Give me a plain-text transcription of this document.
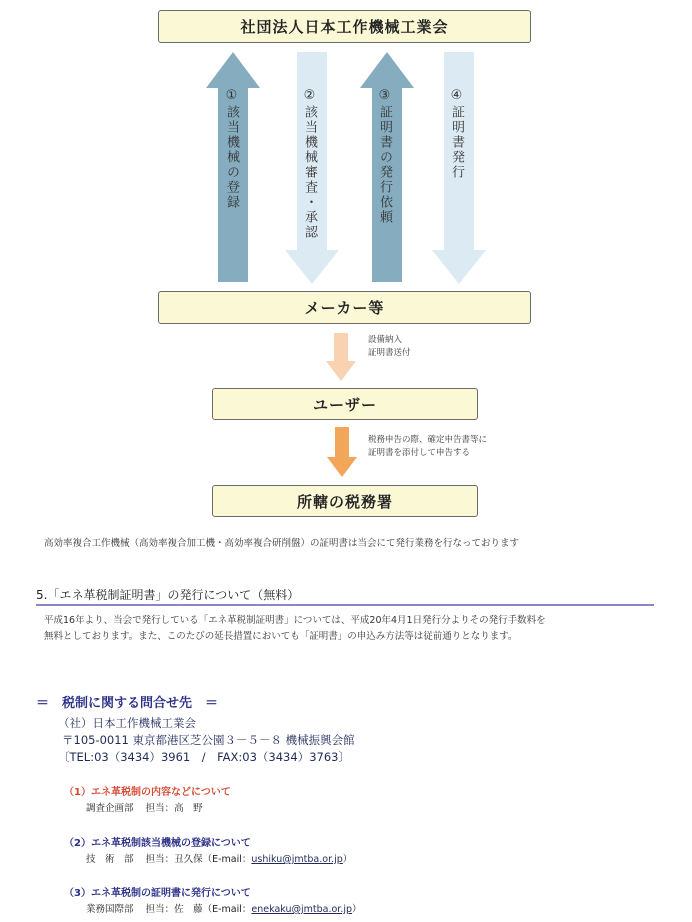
社団法人日本工作機械工業会
①該当機械の登録	②該当機械審査・承認	③証明書の発行依頼	④証明書発行
メーカー等
設備納入
証明書送付
ユーザー
税務申告の際、確定申告書等に
証明書を添付して申告する
所轄の税務署
高効率複合工作機械（高効率複合加工機・高効率複合研削盤）の証明書は当会にて発行業務を行なっております
5.「エネ革税制証明書」の発行について（無料）
平成16年より、当会で発行している「エネ革税制証明書」については、平成20年4月1日発行分よりその発行手数料を
無料としております。また、このたびの延長措置においても「証明書」の申込み方法等は従前通りとなります。
＝　税制に関する問合せ先　＝
（社）日本工作機械工業会
〒105-0011 東京都港区芝公園３－５－８ 機械振興会館
〔TEL:03（3434）3961　/　FAX:03（3434）3763〕
（1）エネ革税制の内容などについて
調査企画部 担当：高　野
（2）エネ革税制該当機械の登録について
技　術　部 担当：丑久保（E-mail：ushiku@jmtba.or.jp）
（3）エネ革税制の証明書に発行について
業務国際部 担当：佐　藤（E-mail：enekaku@jmtba.or.jp）
